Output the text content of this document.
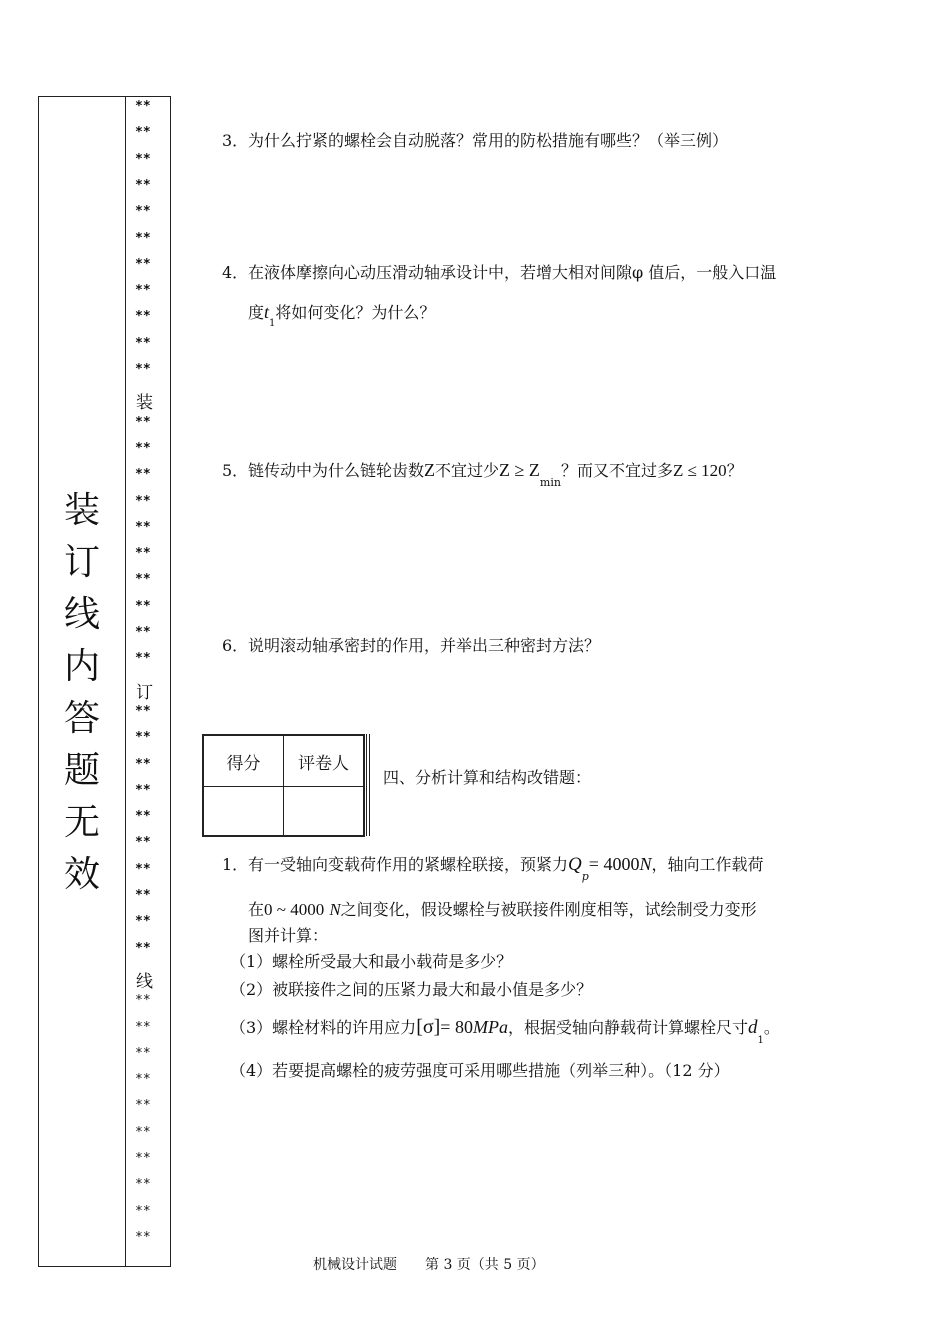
装
订
线
内
答
题
无
效
**
**
**
**
**
**
**
**
**
**
**
装
**
**
**
**
**
**
**
**
**
**
订
**
**
**
**
**
**
**
**
**
**
线
**
**
**
**
**
**
**
**
**
**
3．为什么拧紧的螺栓会自动脱落？常用的防松措施有哪些？（举三例）
4．在液体摩擦向心动压滑动轴承设计中，若增大相对间隙φ 值后，一般入口温
度$t_1$将如何变化？为什么？
5．链传动中为什么链轮齿数Z不宜过少$Z \ge Z_{min}$？而又不宜过多Z ≤ 120？
6．说明滚动轴承密封的作用，并举出三种密封方法？
得分	评卷人

四、分析计算和结构改错题：
1．有一受轴向变载荷作用的紧螺栓联接，预紧力$Q_p= 4000N$，轴向工作载荷
在0 ~ 4000 N之间变化，假设螺栓与被联接件刚度相等，试绘制受力变形
图并计算：
（1）螺栓所受最大和最小载荷是多少？
（2）被联接件之间的压紧力最大和最小值是多少？
（3）螺栓材料的许用应力[σ]= 80MPa，根据受轴向静载荷计算螺栓尺寸$d_1$。
（4）若要提高螺栓的疲劳强度可采用哪些措施（列举三种）。（12 分）
机械设计试题 第 3 页（共 5 页）
